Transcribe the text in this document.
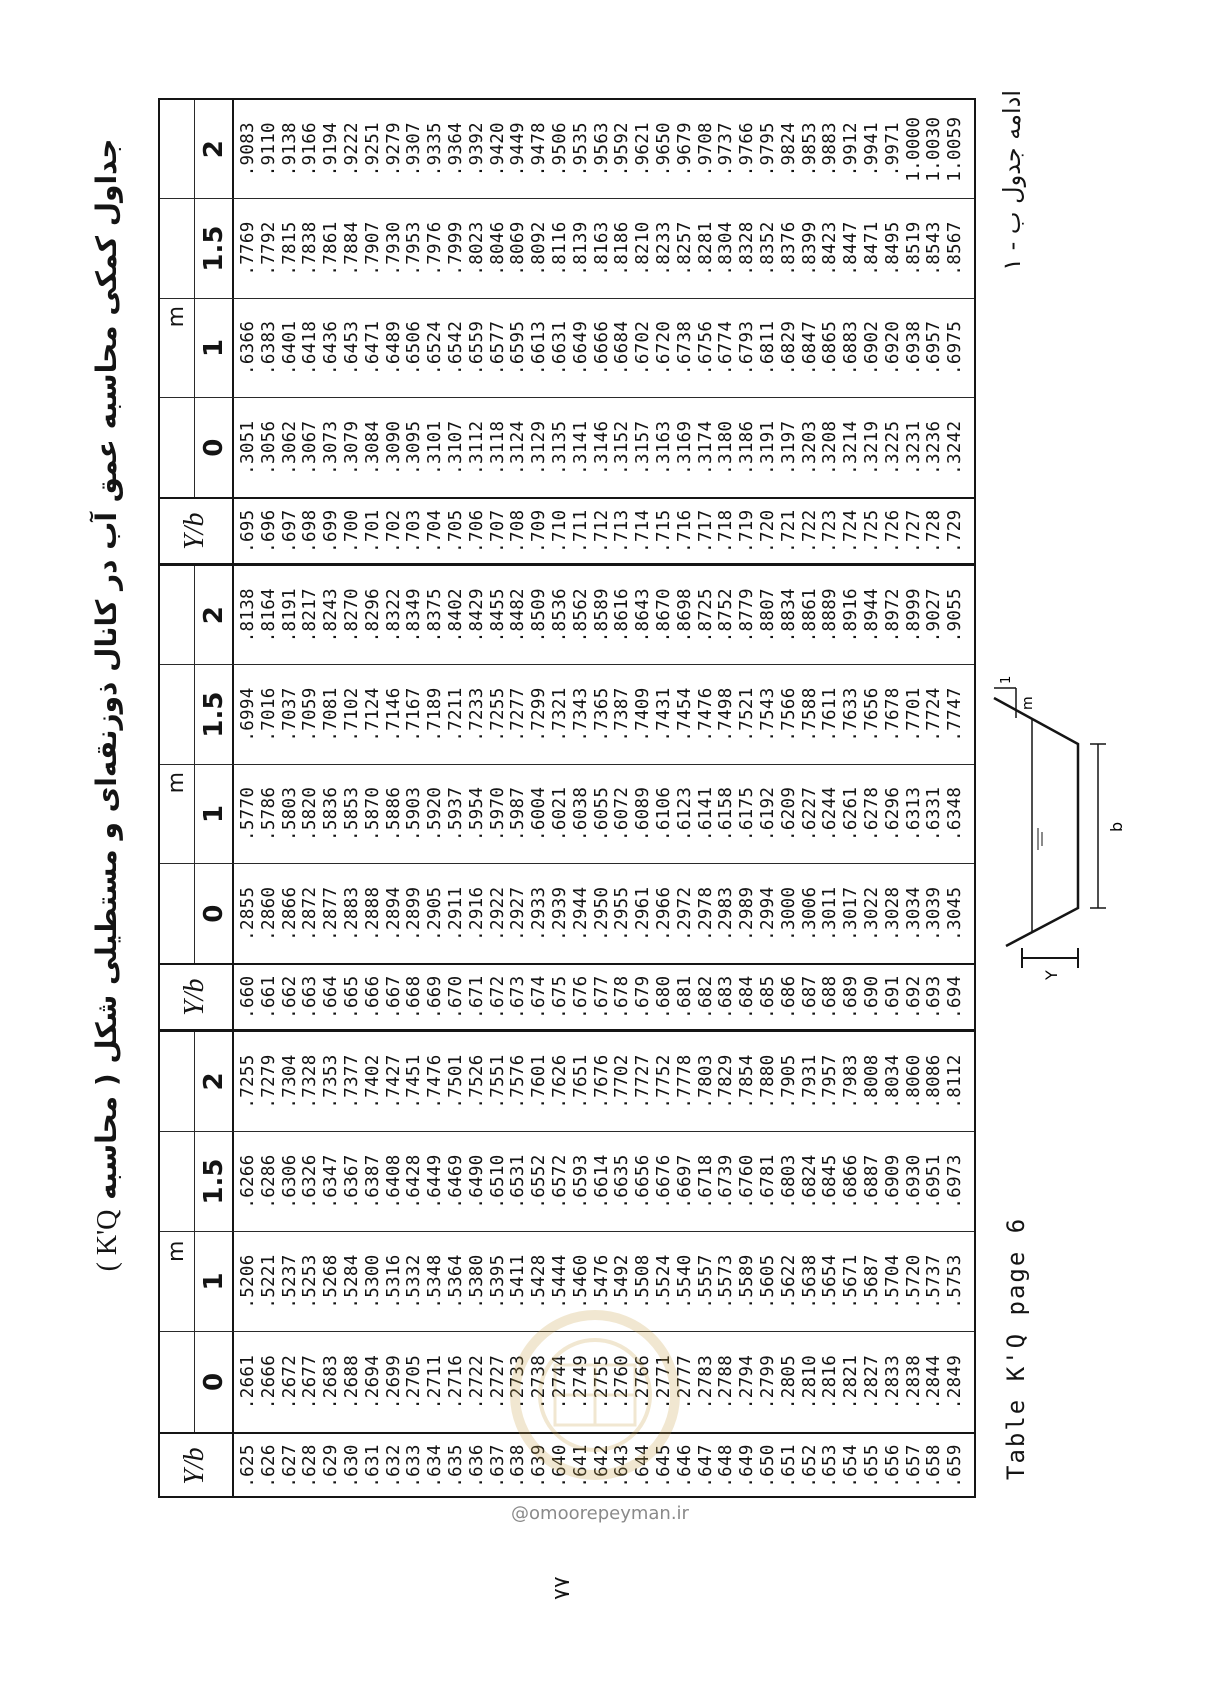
جداول کمکی محاسبه عمق آب در کانال ذوزنقه‌ای و مستطیلی شکل ( محاسبه K'Q )
Y/b .625 .626 .627 .628 .629 .630 .631 .632 .633 .634 .635 .636 .637 .638 .639 .640 .641 .642 .643 .644 .645 .646 .647 .648 .649 .650 .651 .652 .653 .654 .655 .656 .657 .658 .659
m
0 .2661 .2666 .2672 .2677 .2683 .2688 .2694 .2699 .2705 .2711 .2716 .2722 .2727 .2733 .2738 .2744 .2749 .2755 .2760 .2766 .2771 .2777 .2783 .2788 .2794 .2799 .2805 .2810 .2816 .2821 .2827 .2833 .2838 .2844 .2849
1 .5206 .5221 .5237 .5253 .5268 .5284 .5300 .5316 .5332 .5348 .5364 .5380 .5395 .5411 .5428 .5444 .5460 .5476 .5492 .5508 .5524 .5540 .5557 .5573 .5589 .5605 .5622 .5638 .5654 .5671 .5687 .5704 .5720 .5737 .5753
1.5 .6266 .6286 .6306 .6326 .6347 .6367 .6387 .6408 .6428 .6449 .6469 .6490 .6510 .6531 .6552 .6572 .6593 .6614 .6635 .6656 .6676 .6697 .6718 .6739 .6760 .6781 .6803 .6824 .6845 .6866 .6887 .6909 .6930 .6951 .6973
2 .7255 .7279 .7304 .7328 .7353 .7377 .7402 .7427 .7451 .7476 .7501 .7526 .7551 .7576 .7601 .7626 .7651 .7676 .7702 .7727 .7752 .7778 .7803 .7829 .7854 .7880 .7905 .7931 .7957 .7983 .8008 .8034 .8060 .8086 .8112
Y/b .660 .661 .662 .663 .664 .665 .666 .667 .668 .669 .670 .671 .672 .673 .674 .675 .676 .677 .678 .679 .680 .681 .682 .683 .684 .685 .686 .687 .688 .689 .690 .691 .692 .693 .694
m
0 .2855 .2860 .2866 .2872 .2877 .2883 .2888 .2894 .2899 .2905 .2911 .2916 .2922 .2927 .2933 .2939 .2944 .2950 .2955 .2961 .2966 .2972 .2978 .2983 .2989 .2994 .3000 .3006 .3011 .3017 .3022 .3028 .3034 .3039 .3045
1 .5770 .5786 .5803 .5820 .5836 .5853 .5870 .5886 .5903 .5920 .5937 .5954 .5970 .5987 .6004 .6021 .6038 .6055 .6072 .6089 .6106 .6123 .6141 .6158 .6175 .6192 .6209 .6227 .6244 .6261 .6278 .6296 .6313 .6331 .6348
1.5 .6994 .7016 .7037 .7059 .7081 .7102 .7124 .7146 .7167 .7189 .7211 .7233 .7255 .7277 .7299 .7321 .7343 .7365 .7387 .7409 .7431 .7454 .7476 .7498 .7521 .7543 .7566 .7588 .7611 .7633 .7656 .7678 .7701 .7724 .7747
2 .8138 .8164 .8191 .8217 .8243 .8270 .8296 .8322 .8349 .8375 .8402 .8429 .8455 .8482 .8509 .8536 .8562 .8589 .8616 .8643 .8670 .8698 .8725 .8752 .8779 .8807 .8834 .8861 .8889 .8916 .8944 .8972 .8999 .9027 .9055
Y/b .695 .696 .697 .698 .699 .700 .701 .702 .703 .704 .705 .706 .707 .708 .709 .710 .711 .712 .713 .714 .715 .716 .717 .718 .719 .720 .721 .722 .723 .724 .725 .726 .727 .728 .729
m
0 .3051 .3056 .3062 .3067 .3073 .3079 .3084 .3090 .3095 .3101 .3107 .3112 .3118 .3124 .3129 .3135 .3141 .3146 .3152 .3157 .3163 .3169 .3174 .3180 .3186 .3191 .3197 .3203 .3208 .3214 .3219 .3225 .3231 .3236 .3242
1 .6366 .6383 .6401 .6418 .6436 .6453 .6471 .6489 .6506 .6524 .6542 .6559 .6577 .6595 .6613 .6631 .6649 .6666 .6684 .6702 .6720 .6738 .6756 .6774 .6793 .6811 .6829 .6847 .6865 .6883 .6902 .6920 .6938 .6957 .6975
1.5 .7769 .7792 .7815 .7838 .7861 .7884 .7907 .7930 .7953 .7976 .7999 .8023 .8046 .8069 .8092 .8116 .8139 .8163 .8186 .8210 .8233 .8257 .8281 .8304 .8328 .8352 .8376 .8399 .8423 .8447 .8471 .8495 .8519 .8543 .8567
2 .9083 .9110 .9138 .9166 .9194 .9222 .9251 .9279 .9307 .9335 .9364 .9392 .9420 .9449 .9478 .9506 .9535 .9563 .9592 .9621 .9650 .9679 .9708 .9737 .9766 .9795 .9824 .9853 .9883 .9912 .9941 .9971 1.0000 1.0030 1.0059
Table K'Q page 6
ادامه جدول ب - ۱
Y
b
1
m
۷۷
@omoorepeyman.ir
